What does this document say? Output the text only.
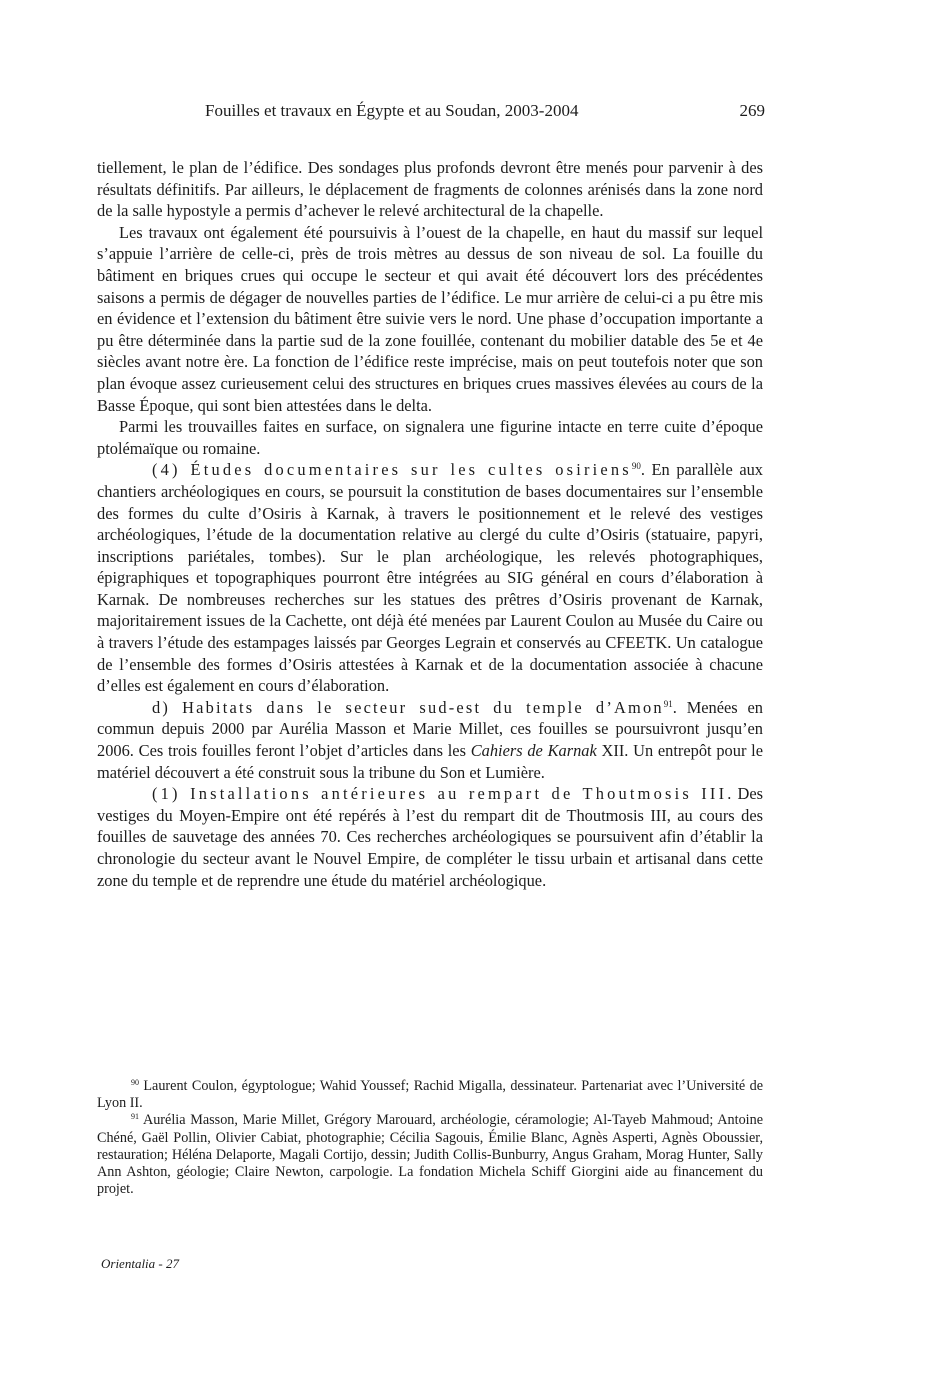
Fouilles et travaux en Égypte et au Soudan, 2003-2004	269

tiellement, le plan de l’édifice. Des sondages plus profonds devront être menés pour parvenir à des résultats définitifs. Par ailleurs, le déplacement de fragments de colonnes arénisés dans la zone nord de la salle hypostyle a permis d’achever le relevé architectural de la chapelle.

Les travaux ont également été poursuivis à l’ouest de la chapelle, en haut du massif sur lequel s’appuie l’arrière de celle-ci, près de trois mètres au dessus de son niveau de sol. La fouille du bâtiment en briques crues qui occupe le secteur et qui avait été découvert lors des précédentes saisons a permis de dégager de nouvelles parties de l’édifice. Le mur arrière de celui-ci a pu être mis en évidence et l’extension du bâtiment être suivie vers le nord. Une phase d’occupation importante a pu être déterminée dans la partie sud de la zone fouillée, contenant du mobilier datable des 5e et 4e siècles avant notre ère. La fonction de l’édifice reste imprécise, mais on peut toutefois noter que son plan évoque assez curieusement celui des structures en briques crues massives élevées au cours de la Basse Époque, qui sont bien attestées dans le delta.

Parmi les trouvailles faites en surface, on signalera une figurine intacte en terre cuite d’époque ptolémaïque ou romaine.

(4) Études documentaires sur les cultes osiriens$^{90}$. En parallèle aux chantiers archéologiques en cours, se poursuit la constitution de bases documentaires sur l’ensemble des formes du culte d’Osiris à Karnak, à travers le positionnement et le relevé des vestiges archéologiques, l’étude de la documentation relative au clergé du culte d’Osiris (statuaire, papyri, inscriptions pariétales, tombes). Sur le plan archéologique, les relevés photographiques, épigraphiques et topographiques pourront être intégrées au SIG général en cours d’élaboration à Karnak. De nombreuses recherches sur les statues des prêtres d’Osiris provenant de Karnak, majoritairement issues de la Cachette, ont déjà été menées par Laurent Coulon au Musée du Caire ou à travers l’étude des estampages laissés par Georges Legrain et conservés au CFEETK. Un catalogue de l’ensemble des formes d’Osiris attestées à Karnak et de la documentation associée à chacune d’elles est également en cours d’élaboration.

d) Habitats dans le secteur sud-est du temple d’Amon$^{91}$. Menées en commun depuis 2000 par Aurélia Masson et Marie Millet, ces fouilles se poursuivront jusqu’en 2006. Ces trois fouilles feront l’objet d’articles dans les Cahiers de Karnak XII. Un entrepôt pour le matériel découvert a été construit sous la tribune du Son et Lumière.

(1) Installations antérieures au rempart de Thoutmosis III. Des vestiges du Moyen-Empire ont été repérés à l’est du rempart dit de Thoutmosis III, au cours des fouilles de sauvetage des années 70. Ces recherches archéologiques se poursuivent afin d’établir la chronologie du secteur avant le Nouvel Empire, de compléter le tissu urbain et artisanal dans cette zone du temple et de reprendre une étude du matériel archéologique.

$^{90}$ Laurent Coulon, égyptologue; Wahid Youssef; Rachid Migalla, dessinateur. Partenariat avec l’Université de Lyon II.

$^{91}$ Aurélia Masson, Marie Millet, Grégory Marouard, archéologie, céramologie; Al-Tayeb Mahmoud; Antoine Chéné, Gaël Pollin, Olivier Cabiat, photographie; Cécilia Sagouis, Émilie Blanc, Agnès Asperti, Agnès Oboussier, restauration; Héléna Delaporte, Magali Cortijo, dessin; Judith Collis-Bunburry, Angus Graham, Morag Hunter, Sally Ann Ashton, géologie; Claire Newton, carpologie. La fondation Michela Schiff Giorgini aide au financement du projet.

Orientalia - 27
